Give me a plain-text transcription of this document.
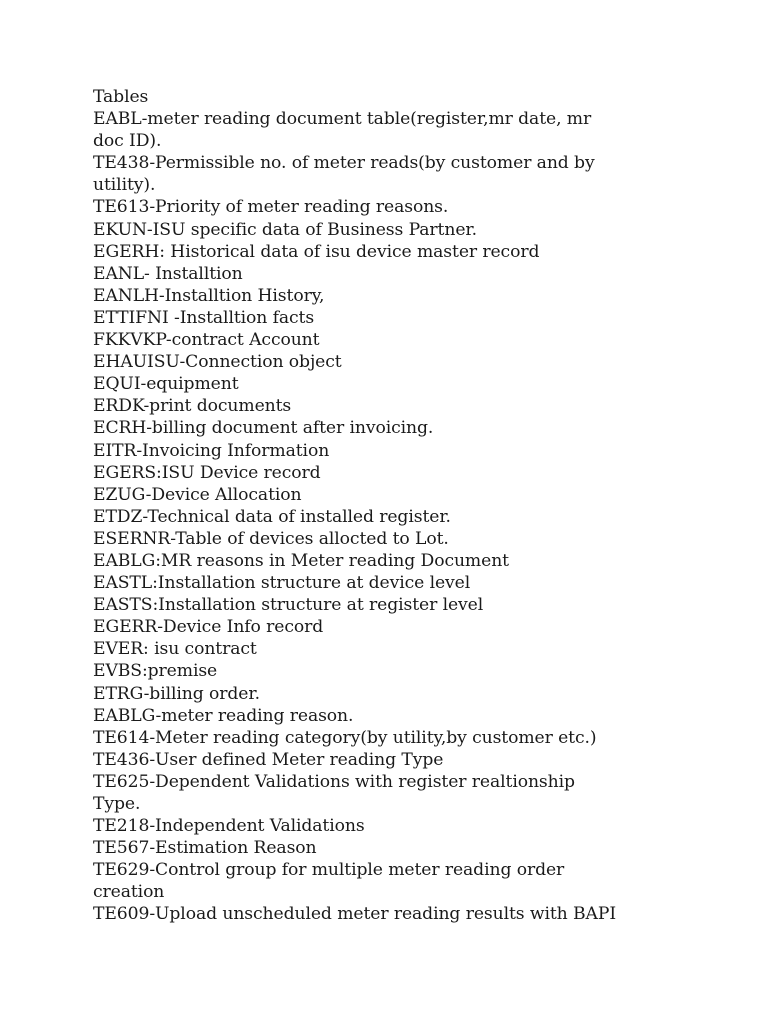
Tables
EABL-meter reading document table(register,mr date, mr
doc ID).
TE438-Permissible no. of meter reads(by customer and by
utility).
TE613-Priority of meter reading reasons.
EKUN-ISU specific data of Business Partner.
EGERH: Historical data of isu device master record
EANL- Installtion
EANLH-Installtion History,
ETTIFNI -Installtion facts
FKKVKP-contract Account
EHAUISU-Connection object
EQUI-equipment
ERDK-print documents
ECRH-billing document after invoicing.
EITR-Invoicing Information
EGERS:ISU Device record
EZUG-Device Allocation
ETDZ-Technical data of installed register.
ESERNR-Table of devices allocted to Lot.
EABLG:MR reasons in Meter reading Document
EASTL:Installation structure at device level
EASTS:Installation structure at register level
EGERR-Device Info record
EVER: isu contract
EVBS:premise
ETRG-billing order.
EABLG-meter reading reason.
TE614-Meter reading category(by utility,by customer etc.)
TE436-User defined Meter reading Type
TE625-Dependent Validations with register realtionship
Type.
TE218-Independent Validations
TE567-Estimation Reason
TE629-Control group for multiple meter reading order
creation
TE609-Upload unscheduled meter reading results with BAPI
